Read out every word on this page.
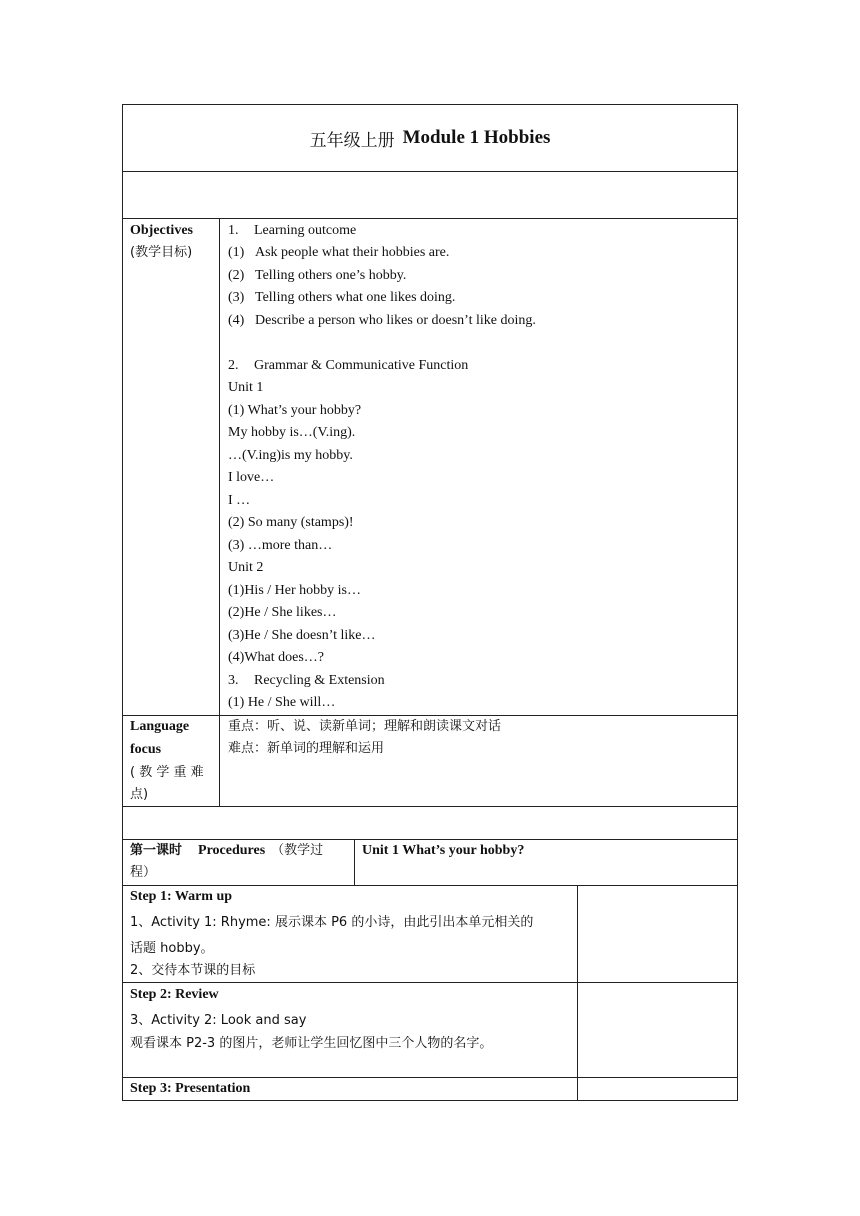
五年级上册 Module 1 Hobbies
Objectives
(教学目标)
1. Learning outcome
(1) Ask people what their hobbies are.
(2) Telling others one’s hobby.
(3) Telling others what one likes doing.
(4) Describe a person who likes or doesn’t like doing.
2. Grammar & Communicative Function
Unit 1
(1) What’s your hobby?
My hobby is…(V.ing).
…(V.ing)is my hobby.
I love…
I …
(2) So many (stamps)!
(3) …more than…
Unit 2
(1)His / Her hobby is…
(2)He / She likes…
(3)He / She doesn’t like…
(4)What does…?
3. Recycling & Extension
(1) He / She will…
Language
focus
( 教 学 重 难
点)
重点：听、说、读新单词；理解和朗读课文对话
难点：新单词的理解和运用
第一课时 Procedures （教学过
程）
Unit 1 What’s your hobby?
Step 1: Warm up
1、Activity 1: Rhyme: 展示课本 P6 的小诗，由此引出本单元相关的
话题 hobby。
2、交待本节课的目标
Step 2: Review
3、Activity 2: Look and say
观看课本 P2-3 的图片，老师让学生回忆图中三个人物的名字。
Step 3: Presentation
